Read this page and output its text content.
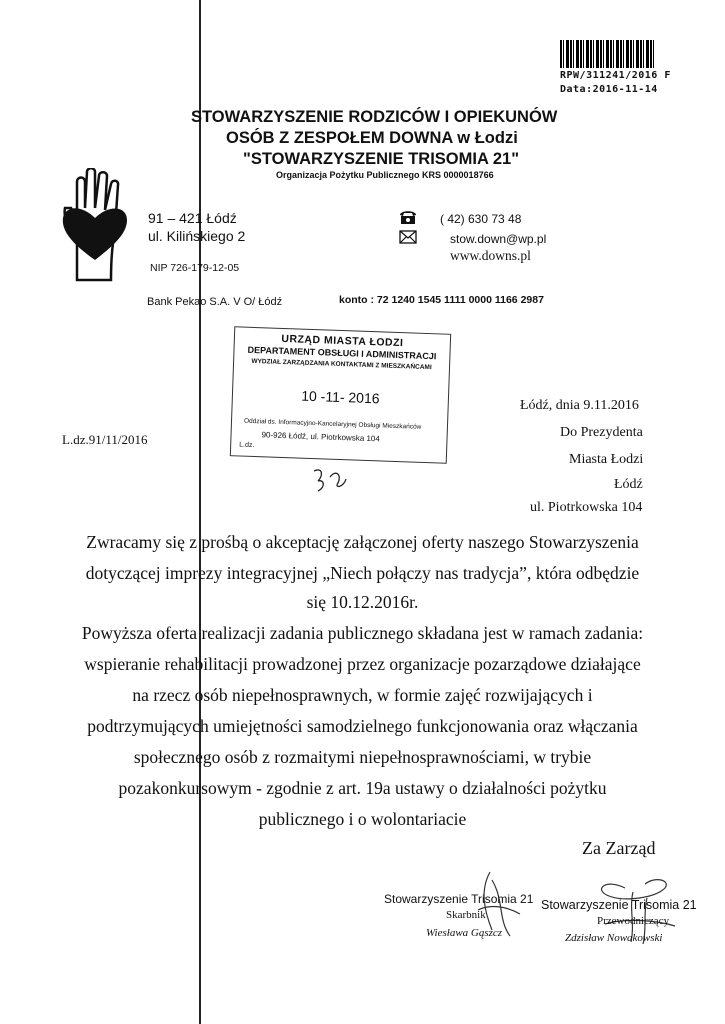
RPW/311241/2016 F
Data:2016-11-14
STOWARZYSZENIE RODZICÓW I OPIEKUNÓW
OSÓB Z ZESPOŁEM DOWNA w Łodzi
"STOWARZYSZENIE TRISOMIA 21"
Organizacja Pożytku Publicznego KRS 0000018766
91 – 421 Łódź
ul. Kilińskiego 2
NIP 726-179-12-05
( 42) 630 73 48
stow.down@wp.pl
www.downs.pl
Bank Pekao S.A. V O/ Łódź	konto : 72 1240 1545 1111 0000 1166 2987
URZĄD MIASTA ŁODZI
DEPARTAMENT OBSŁUGI I ADMINISTRACJI
WYDZIAŁ ZARZĄDZANIA KONTAKTAMI Z MIESZKAŃCAMI
10 -11- 2016
Oddział ds. Informacyjno-Kancelaryjnej Obsługi Mieszkańców
90-926 Łódź, ul. Piotrkowska 104
L.dz.
L.dz.91/11/2016
Łódź, dnia 9.11.2016
Do Prezydenta
Miasta Łodzi
Łódź
ul. Piotrkowska 104
Zwracamy się z prośbą o akceptację załączonej oferty naszego Stowarzyszenia
dotyczącej imprezy integracyjnej „Niech połączy nas tradycja”, która odbędzie
się 10.12.2016r.
Powyższa oferta realizacji zadania publicznego składana jest w ramach zadania:
wspieranie rehabilitacji prowadzonej przez organizacje pozarządowe działające
na rzecz osób niepełnosprawnych, w formie zajęć rozwijających i
podtrzymujących umiejętności samodzielnego funkcjonowania oraz włączania
społecznego osób z rozmaitymi niepełnosprawnościami, w trybie
pozakonkursowym - zgodnie z art. 19a ustawy o działalności pożytku
publicznego i o wolontariacie
Za Zarząd
Stowarzyszenie Trisomia 21
Skarbnik
Wiesława Gąszcz
Stowarzyszenie Trisomia 21
Przewodniczący
Zdzisław Nowakowski
